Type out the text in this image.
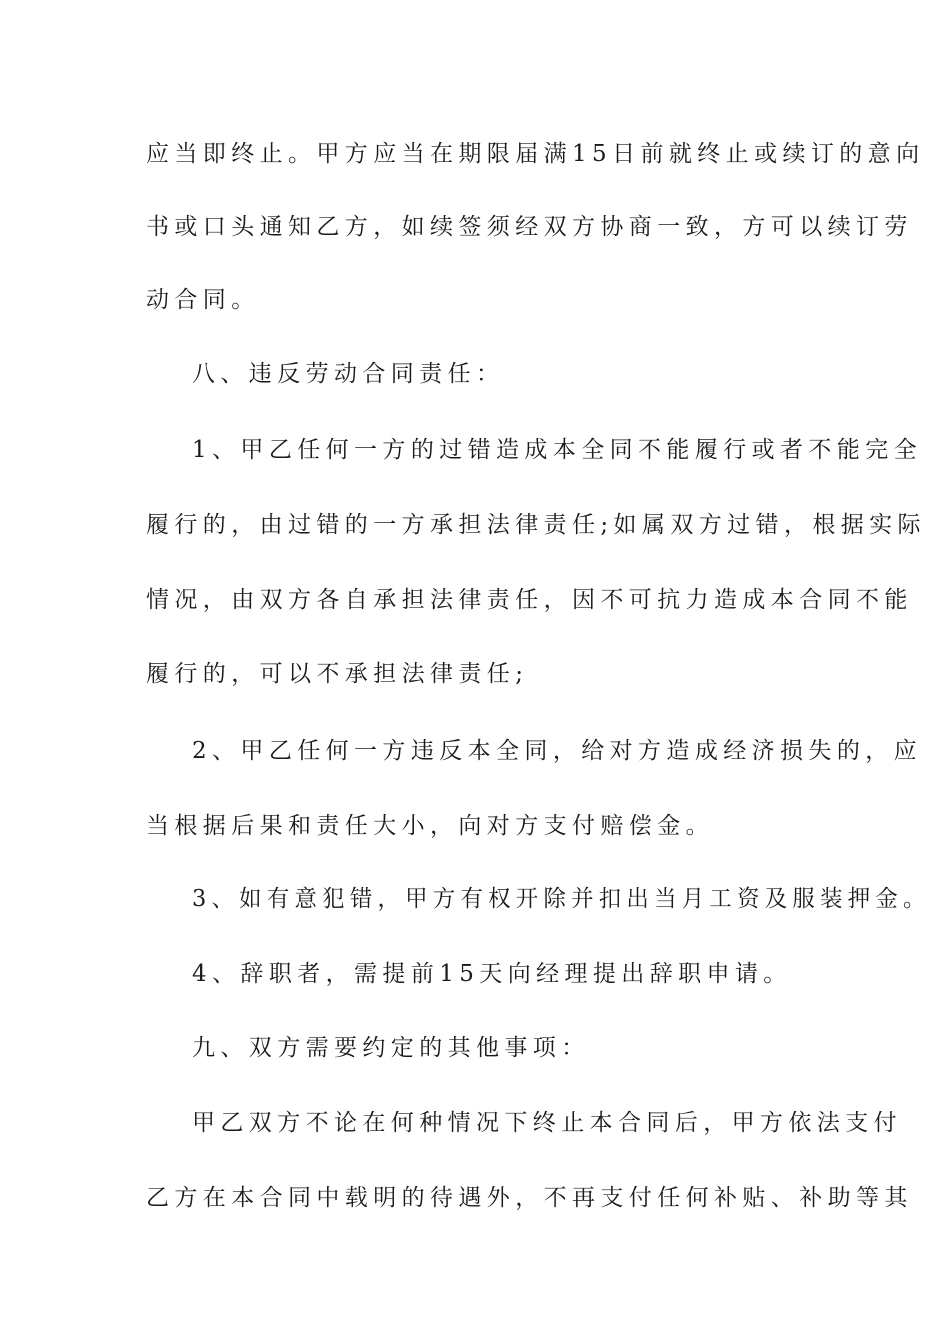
应当即终止。甲方应当在期限届满15日前就终止或续订的意向
书或口头通知乙方，如续签须经双方协商一致，方可以续订劳
动合同。
八、违反劳动合同责任：
1、甲乙任何一方的过错造成本全同不能履行或者不能完全
履行的，由过错的一方承担法律责任;如属双方过错，根据实际
情况，由双方各自承担法律责任，因不可抗力造成本合同不能
履行的，可以不承担法律责任;
2、甲乙任何一方违反本全同，给对方造成经济损失的，应
当根据后果和责任大小，向对方支付赔偿金。
3、如有意犯错，甲方有权开除并扣出当月工资及服装押金。
4、辞职者，需提前15天向经理提出辞职申请。
九、双方需要约定的其他事项：
甲乙双方不论在何种情况下终止本合同后，甲方依法支付
乙方在本合同中载明的待遇外，不再支付任何补贴、补助等其
